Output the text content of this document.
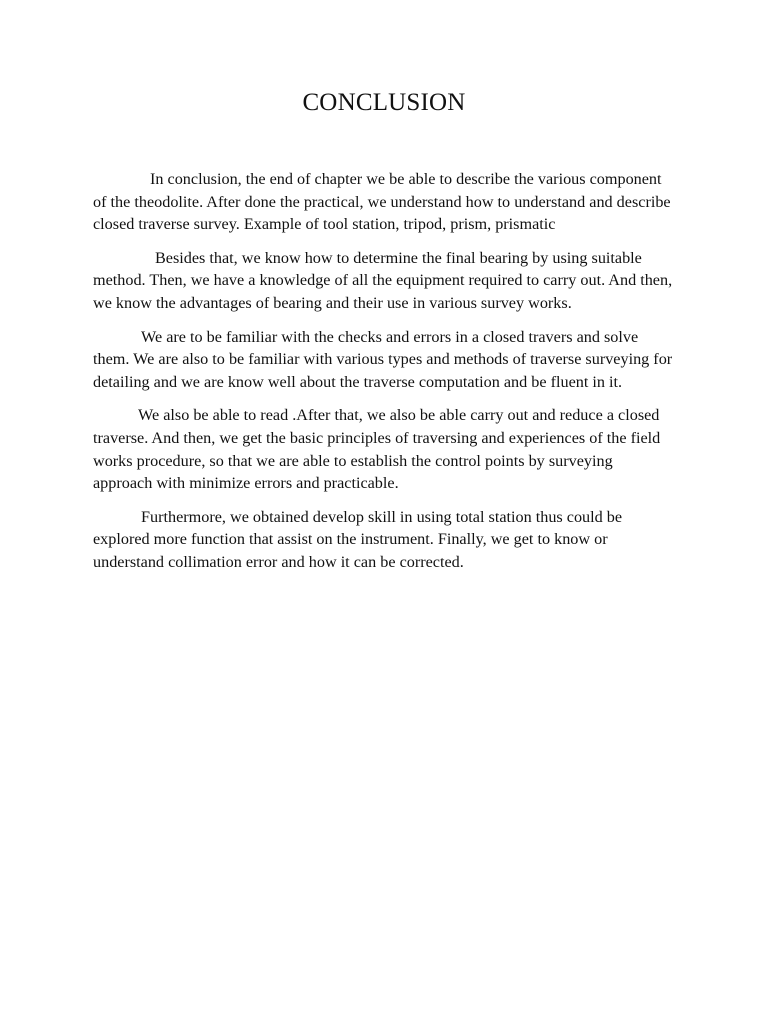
CONCLUSION

In conclusion, the end of chapter we be able to describe the various component of the theodolite. After done the practical, we understand how to understand and describe closed traverse survey. Example of tool station, tripod, prism, prismatic

Besides that, we know how to determine the final bearing by using suitable method. Then, we have a knowledge of all the equipment required to carry out. And then, we know the advantages of bearing and their use in various survey works.

We are to be familiar with the checks and errors in a closed travers and solve them. We are also to be familiar with various types and methods of traverse surveying for detailing and we are know well about the traverse computation and be fluent in it.

We also be able to read .After that, we also be able carry out and reduce a closed traverse. And then, we get the basic principles of traversing and experiences of the field works procedure, so that we are able to establish the control points by surveying approach with minimize errors and practicable.

Furthermore, we obtained develop skill in using total station thus could be explored more function that assist on the instrument. Finally, we get to know or understand collimation error and how it can be corrected.
